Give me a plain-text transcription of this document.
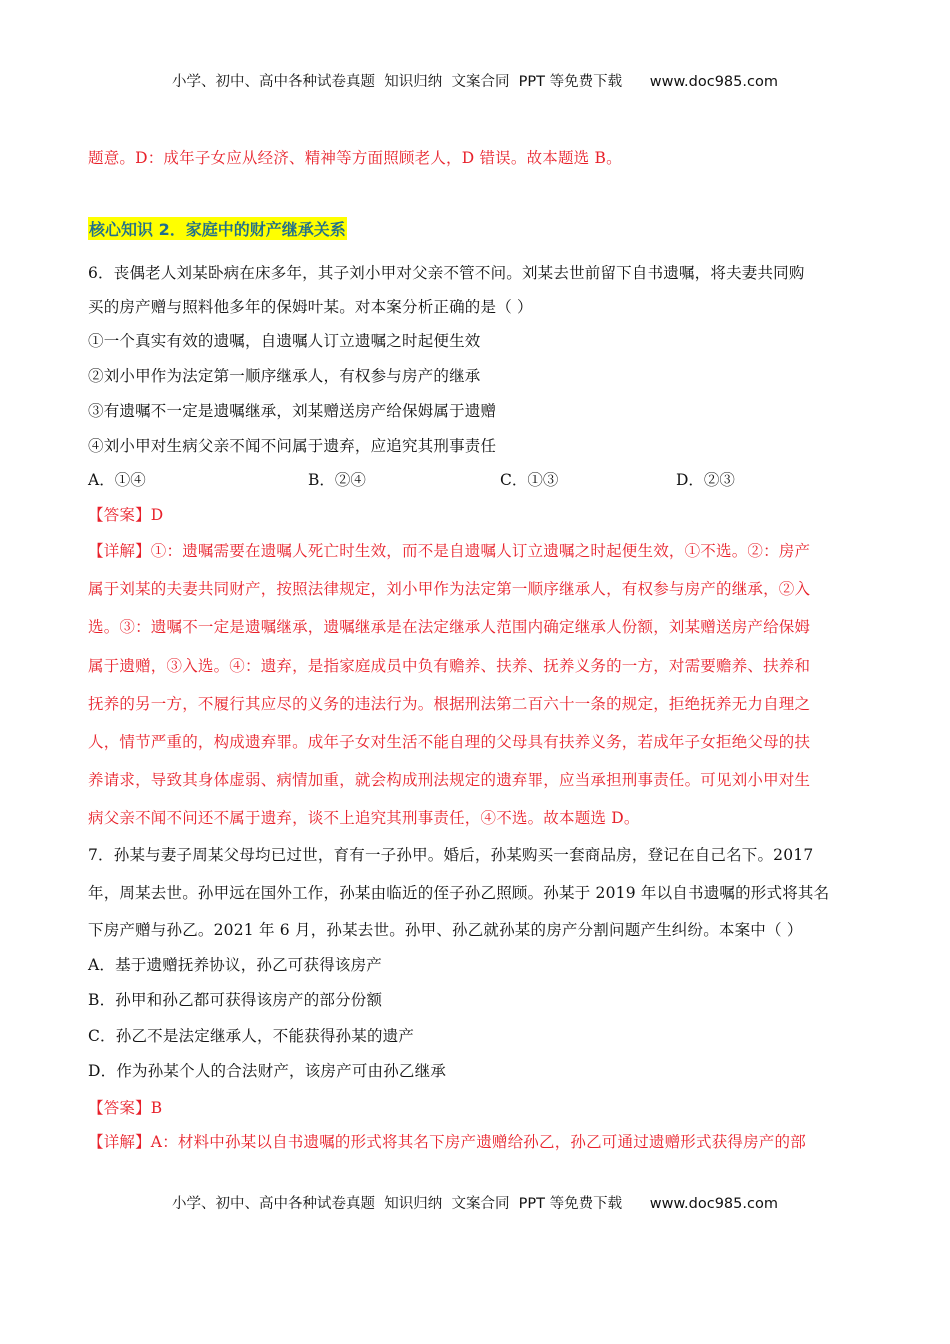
小学、初中、高中各种试卷真题  知识归纳  文案合同  PPT 等免费下载      www.doc985.com
题意。D：成年子女应从经济、精神等方面照顾老人，D 错误。故本题选 B。
核心知识 2．家庭中的财产继承关系
6．丧偶老人刘某卧病在床多年，其子刘小甲对父亲不管不问。刘某去世前留下自书遗嘱，将夫妻共同购
买的房产赠与照料他多年的保姆叶某。对本案分析正确的是（ ）
①一个真实有效的遗嘱，自遗嘱人订立遗嘱之时起便生效
②刘小甲作为法定第一顺序继承人，有权参与房产的继承
③有遗嘱不一定是遗嘱继承，刘某赠送房产给保姆属于遗赠
④刘小甲对生病父亲不闻不问属于遗弃，应追究其刑事责任
A．①④	B．②④	C．①③	D．②③
【答案】D
【详解】①：遗嘱需要在遗嘱人死亡时生效，而不是自遗嘱人订立遗嘱之时起便生效，①不选。②：房产
属于刘某的夫妻共同财产，按照法律规定，刘小甲作为法定第一顺序继承人，有权参与房产的继承，②入
选。③：遗嘱不一定是遗嘱继承，遗嘱继承是在法定继承人范围内确定继承人份额，刘某赠送房产给保姆
属于遗赠，③入选。④：遗弃，是指家庭成员中负有赡养、扶养、抚养义务的一方，对需要赡养、扶养和
抚养的另一方，不履行其应尽的义务的违法行为。根据刑法第二百六十一条的规定，拒绝抚养无力自理之
人，情节严重的，构成遗弃罪。成年子女对生活不能自理的父母具有扶养义务，若成年子女拒绝父母的扶
养请求，导致其身体虚弱、病情加重，就会构成刑法规定的遗弃罪，应当承担刑事责任。可见刘小甲对生
病父亲不闻不问还不属于遗弃，谈不上追究其刑事责任，④不选。故本题选 D。
7．孙某与妻子周某父母均已过世，育有一子孙甲。婚后，孙某购买一套商品房，登记在自己名下。2017
年，周某去世。孙甲远在国外工作，孙某由临近的侄子孙乙照顾。孙某于 2019 年以自书遗嘱的形式将其名
下房产赠与孙乙。2021 年 6 月，孙某去世。孙甲、孙乙就孙某的房产分割问题产生纠纷。本案中（ ）
A．基于遗赠抚养协议，孙乙可获得该房产
B．孙甲和孙乙都可获得该房产的部分份额
C．孙乙不是法定继承人，不能获得孙某的遗产
D．作为孙某个人的合法财产，该房产可由孙乙继承
【答案】B
【详解】A：材料中孙某以自书遗嘱的形式将其名下房产遗赠给孙乙，孙乙可通过遗赠形式获得房产的部
小学、初中、高中各种试卷真题  知识归纳  文案合同  PPT 等免费下载      www.doc985.com
